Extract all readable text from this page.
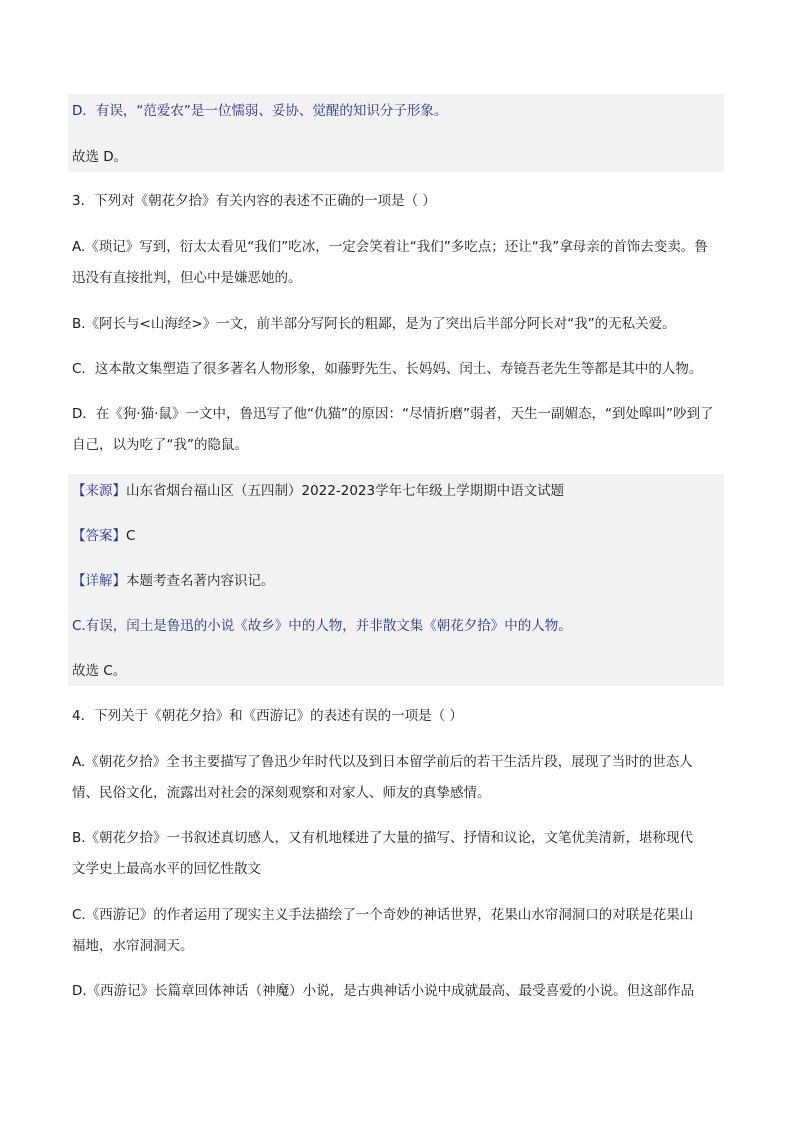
D．有误，“范爱农”是一位懦弱、妥协、觉醒的知识分子形象。
故选 D。
3．下列对《朝花夕拾》有关内容的表述不正确的一项是（ ）
A.《琐记》写到，衍太太看见“我们”吃冰，一定会笑着让“我们”多吃点；还让“我”拿母亲的首饰去变卖。鲁
迅没有直接批判，但心中是嫌恶她的。
B.《阿长与<山海经>》一文，前半部分写阿长的粗鄙，是为了突出后半部分阿长对“我”的无私关爱。
C．这本散文集塑造了很多著名人物形象，如藤野先生、长妈妈、闰土、寿镜吾老先生等都是其中的人物。
D．在《狗·猫·鼠》一文中，鲁迅写了他“仇猫”的原因：“尽情折磨”弱者，天生一副媚态，“到处嗥叫”吵到了
自己，以为吃了“我”的隐鼠。
【来源】山东省烟台福山区（五四制）2022-2023学年七年级上学期期中语文试题
【答案】C
【详解】本题考查名著内容识记。
C.有误，闰土是鲁迅的小说《故乡》中的人物，并非散文集《朝花夕拾》中的人物。
故选 C。
4．下列关于《朝花夕拾》和《西游记》的表述有误的一项是（ ）
A.《朝花夕拾》全书主要描写了鲁迅少年时代以及到日本留学前后的若干生活片段，展现了当时的世态人
情、民俗文化，流露出对社会的深刻观察和对家人、师友的真挚感情。
B.《朝花夕拾》一书叙述真切感人，又有机地糅进了大量的描写、抒情和议论，文笔优美清新，堪称现代
文学史上最高水平的回忆性散文
C.《西游记》的作者运用了现实主义手法描绘了一个奇妙的神话世界，花果山水帘洞洞口的对联是花果山
福地，水帘洞洞天。
D.《西游记》长篇章回体神话（神魔）小说，是古典神话小说中成就最高、最受喜爱的小说。但这部作品
